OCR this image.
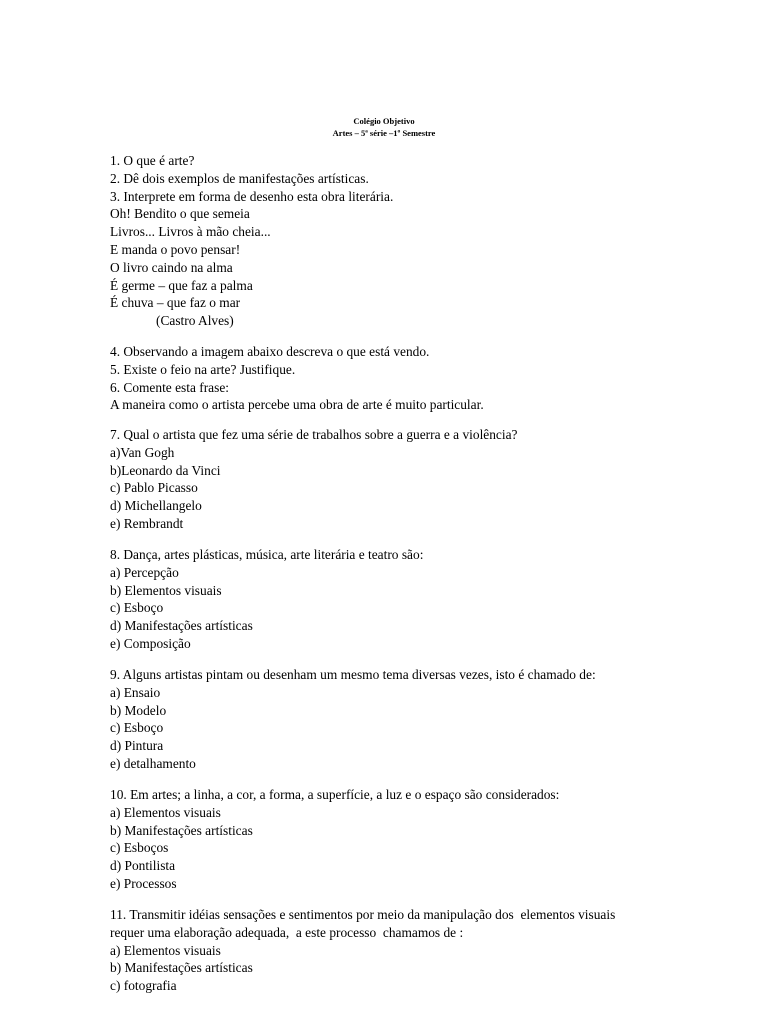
Colégio Objetivo
Artes – 5ª série –1º Semestre

1. O que é arte?

2. Dê dois exemplos de manifestações artísticas.

3. Interprete em forma de desenho esta obra literária.

Oh! Bendito o que semeia

Livros... Livros à mão cheia...

E manda o povo pensar!

O livro caindo na alma

É germe – que faz a palma

É chuva – que faz o mar

(Castro Alves)

4. Observando a imagem abaixo descreva o que está vendo.

5. Existe o feio na arte? Justifique.

6. Comente esta frase:

A maneira como o artista percebe uma obra de arte é muito particular.

7. Qual o artista que fez uma série de trabalhos sobre a guerra e a violência?

a)Van Gogh

b)Leonardo da Vinci

c) Pablo Picasso

d) Michellangelo

e) Rembrandt

8. Dança, artes plásticas, música, arte literária e teatro são:

a) Percepção

b) Elementos visuais

c) Esboço

d) Manifestações artísticas

e) Composição

9. Alguns artistas pintam ou desenham um mesmo tema diversas vezes, isto é chamado de:

a) Ensaio

b) Modelo

c) Esboço

d) Pintura

e) detalhamento

10. Em artes; a linha, a cor, a forma, a superfície, a luz e o espaço são considerados:

a) Elementos visuais

b) Manifestações artísticas

c) Esboços

d) Pontilista

e) Processos

11. Transmitir idéias sensações e sentimentos por meio da manipulação dos  elementos visuais

requer uma elaboração adequada,  a este processo  chamamos de :

a) Elementos visuais

b) Manifestações artísticas

c) fotografia
